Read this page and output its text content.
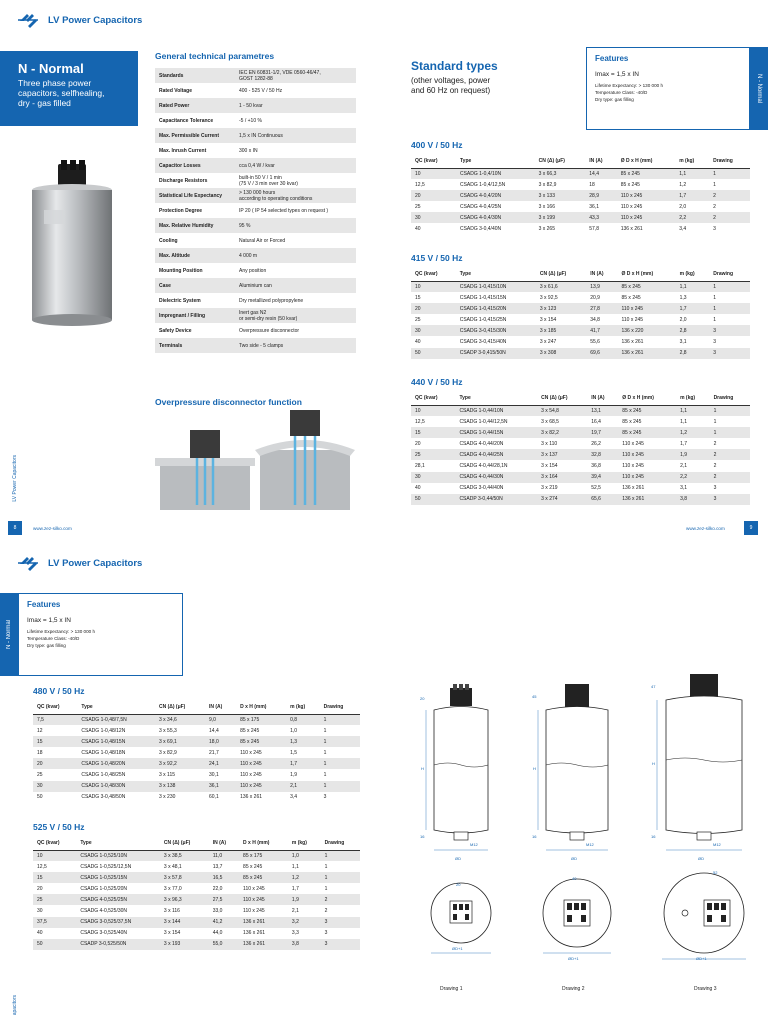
LV Power Capacitors
N - Normal

Three phase power

capacitors, selfhealing,

dry - gas filled

General technical parametres
Standards	IEC EN 60831-1/2, VDE 0560-46/47,
GOST 1282-88

Rated Voltage	400 - 525 V / 50 Hz

Rated Power	1 - 50 kvar

Capacitance Tolerance	-5 / +10 %

Max. Permissible Current	1,5 x IN Continuous

Max. Inrush Current	300 x IN

Capacitor Losses	cca 0,4 W / kvar

Discharge Resistors	built-in 50 V / 1 min
(75 V / 3 min over 30 kvar)

Statistical Life Expectancy	> 130 000 hours
according to operating conditions

Protection Degree	IP 20 ( IP 54 selected types on request )

Max. Relative Humidity	95 %

Cooling	Natural Air or Forced

Max. Altitude	4 000 m

Mounting Position	Any position

Case	Aluminium can

Dielectric System	Dry metallized polypropylene

Impregnant / Filling	Inert gas N2
or semi-dry resin (50 kvar)

Safety Device	Overpressure disconnector

Terminals	Two side - 5 clamps
Overpressure disconnector function
Standard types
(other voltages, power
and 60 Hz on request)
Features
Imax = 1,5 x IN
Lifetime Expectancy: > 130 000 h
Temperature Class: -40/D
Dry type: gas filling	N - Normal
400 V / 50 Hz
QC (kvar)	Type	CN (Δ) (μF)	IN (A)	Ø D x H (mm)	m (kg)	Drawing
10	CSADG 1-0,4/10N	3 x 66,3	14,4	85 x 245	1,1	1
12,5	CSADG 1-0,4/12,5N	3 x 82,9	18	85 x 245	1,2	1
20	CSADG 4-0,4/20N	3 x 133	28,9	110 x 245	1,7	2
25	CSADG 4-0,4/25N	3 x 166	36,1	110 x 245	2,0	2
30	CSADG 4-0,4/30N	3 x 199	43,3	110 x 245	2,2	2
40	CSADG 3-0,4/40N	3 x 265	57,8	136 x 261	3,4	3
415 V / 50 Hz
QC (kvar)	Type	CN (Δ) (μF)	IN (A)	Ø D x H (mm)	m (kg)	Drawing
10	CSADG 1-0,415/10N	3 x 61,6	13,9	85 x 245	1,1	1
15	CSADG 1-0,415/15N	3 x 92,5	20,9	85 x 245	1,3	1
20	CSADG 1-0,415/20N	3 x 123	27,8	110 x 245	1,7	1
25	CSADG 1-0,415/25N	3 x 154	34,8	110 x 245	2,0	1
30	CSADG 3-0,415/30N	3 x 185	41,7	136 x 220	2,8	3
40	CSADG 3-0,415/40N	3 x 247	55,6	136 x 261	3,1	3
50	CSADP 3-0,415/50N	3 x 308	69,6	136 x 261	2,8	3
440 V / 50 Hz
QC (kvar)	Type	CN (Δ) (μF)	IN (A)	Ø D x H (mm)	m (kg)	Drawing
10	CSADG 1-0,44/10N	3 x 54,8	13,1	85 x 245	1,1	1
12,5	CSADG 1-0,44/12,5N	3 x 68,5	16,4	85 x 245	1,1	1
15	CSADG 1-0,44/15N	3 x 82,2	19,7	85 x 245	1,2	1
20	CSADG 4-0,44/20N	3 x 110	26,2	110 x 245	1,7	2
25	CSADG 4-0,44/25N	3 x 137	32,8	110 x 245	1,9	2
28,1	CSADG 4-0,44/28,1N	3 x 154	36,8	110 x 245	2,1	2
30	CSADG 4-0,44/30N	3 x 164	39,4	110 x 245	2,2	2
40	CSADG 3-0,44/40N	3 x 219	52,5	136 x 261	3,1	3
50	CSADP 3-0,44/50N	3 x 274	65,6	136 x 261	3,8	3
LV Power Capacitors
8	www.zez-silko.com	www.zez-silko.com	9
LV Power Capacitors
N - Normal
Features
Imax = 1,5 x IN
Lifetime Expectancy: > 130 000 h
Temperature Class: -40/D
Dry type: gas filling
480 V / 50 Hz
QC (kvar)	Type	CN (Δ) (μF)	IN (A)	D x H (mm)	m (kg)	Drawing
7,5	CSADG 1-0,48/7,5N	3 x 34,6	9,0	85 x 175	0,8	1
12	CSADG 1-0,48/12N	3 x 55,3	14,4	85 x 245	1,0	1
15	CSADG 1-0,48/15N	3 x 69,1	18,0	85 x 245	1,3	1
18	CSADG 1-0,48/18N	3 x 82,9	21,7	110 x 245	1,5	1
20	CSADG 1-0,48/20N	3 x 92,2	24,1	110 x 245	1,7	1
25	CSADG 1-0,48/25N	3 x 115	30,1	110 x 245	1,9	1
30	CSADG 1-0,48/30N	3 x 138	36,1	110 x 245	2,1	1
50	CSADG 3-0,48/50N	3 x 230	60,1	136 x 261	3,4	3
525 V / 50 Hz
QC (kvar)	Type	CN (Δ) (μF)	IN (A)	D x H (mm)	m (kg)	Drawing
10	CSADG 1-0,525/10N	3 x 38,5	11,0	85 x 175	1,0	1
12,5	CSADG 1-0,525/12,5N	3 x 48,1	13,7	85 x 245	1,1	1
15	CSADG 1-0,525/15N	3 x 57,8	16,5	85 x 245	1,2	1
20	CSADG 1-0,525/20N	3 x 77,0	22,0	110 x 245	1,7	1
25	CSADG 4-0,525/25N	3 x 96,3	27,5	110 x 245	1,9	2
30	CSADG 4-0,525/30N	3 x 116	33,0	110 x 245	2,1	2
37,5	CSADG 3-0,525/37,5N	3 x 144	41,2	136 x 261	3,2	3
40	CSADG 3-0,525/40N	3 x 154	44,0	136 x 261	3,3	3
50	CSADP 3-0,525/50N	3 x 193	55,0	136 x 261	3,8	3
20
H
16
M12
ØD
20
ØD+1
45
H
16
M12
ØD
40
ØD+1
47
H
16
M12
ØD
52
ØD+1
Drawing 1	Drawing 2	Drawing 3
apacitors
